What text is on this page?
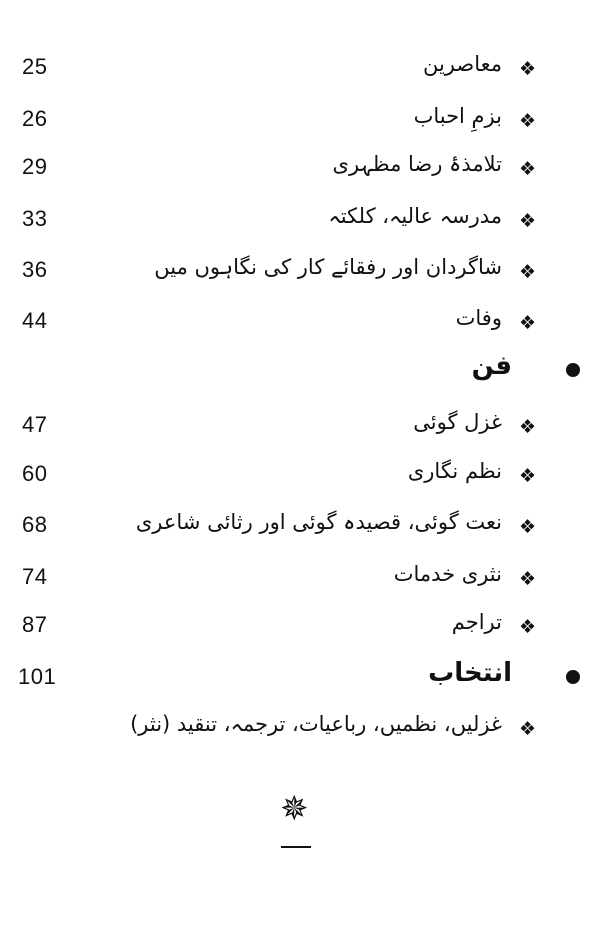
25	معاصرین ❖
26	بزمِ احباب ❖
29	تلامذۂ رضا مظہری ❖
33	مدرسہ عالیہ، کلکتہ ❖
36	شاگردان اور رفقائے کار کی نگاہوں میں ❖
44	وفات ❖
فن
47	غزل گوئی ❖
60	نظم نگاری ❖
68	نعت گوئی، قصیدہ گوئی اور رثائی شاعری ❖
74	نثری خدمات ❖
87	تراجم ❖
101	انتخاب
غزلیں، نظمیں، رباعیات، ترجمہ، تنقید (نثر) ❖
✵
